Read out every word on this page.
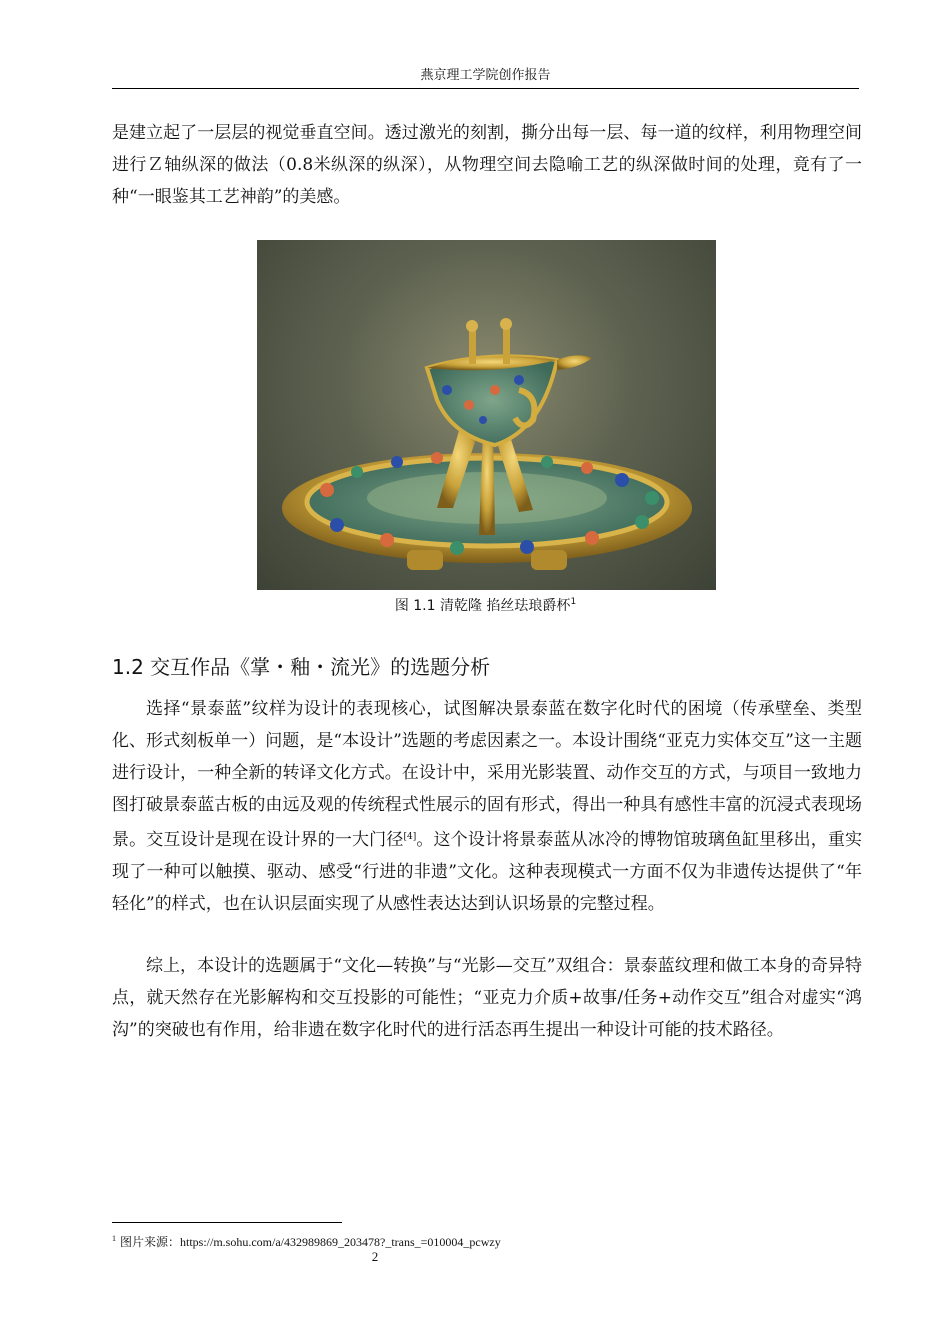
燕京理工学院创作报告

是建立起了一层层的视觉垂直空间。透过激光的刻割，撕分出每一层、每一道的纹样，利用物理空间进行Ｚ轴纵深的做法（0.8米纵深的纵深），从物理空间去隐喻工艺的纵深做时间的处理，竟有了一种“一眼鉴其工艺神韵”的美感。

图 1.1 清乾隆 掐丝珐琅爵杯$^1$
1.2 交互作品《掌・釉・流光》的选题分析

选择“景泰蓝”纹样为设计的表现核心，试图解决景泰蓝在数字化时代的困境（传承壁垒、类型化、形式刻板单一）问题，是“本设计”选题的考虑因素之一。本设计围绕“亚克力实体交互”这一主题进行设计，一种全新的转译文化方式。在设计中，采用光影装置、动作交互的方式，与项目一致地力图打破景泰蓝古板的由远及观的传统程式性展示的固有形式，得出一种具有感性丰富的沉浸式表现场景。交互设计是现在设计界的一大门径[4]。这个设计将景泰蓝从冰冷的博物馆玻璃鱼缸里移出，重实现了一种可以触摸、驱动、感受“行进的非遗”文化。这种表现模式一方面不仅为非遗传达提供了“年轻化”的样式，也在认识层面实现了从感性表达达到认识场景的完整过程。

综上，本设计的选题属于“文化—转换”与“光影—交互”双组合：景泰蓝纹理和做工本身的奇异特点，就天然存在光影解构和交互投影的可能性；“亚克力介质+故事/任务+动作交互”组合对虚实“鸿沟”的突破也有作用，给非遗在数字化时代的进行活态再生提出一种设计可能的技术路径。

$^1$ 图片来源：https://m.sohu.com/a/432989869_203478?_trans_=010004_pcwzy
2
